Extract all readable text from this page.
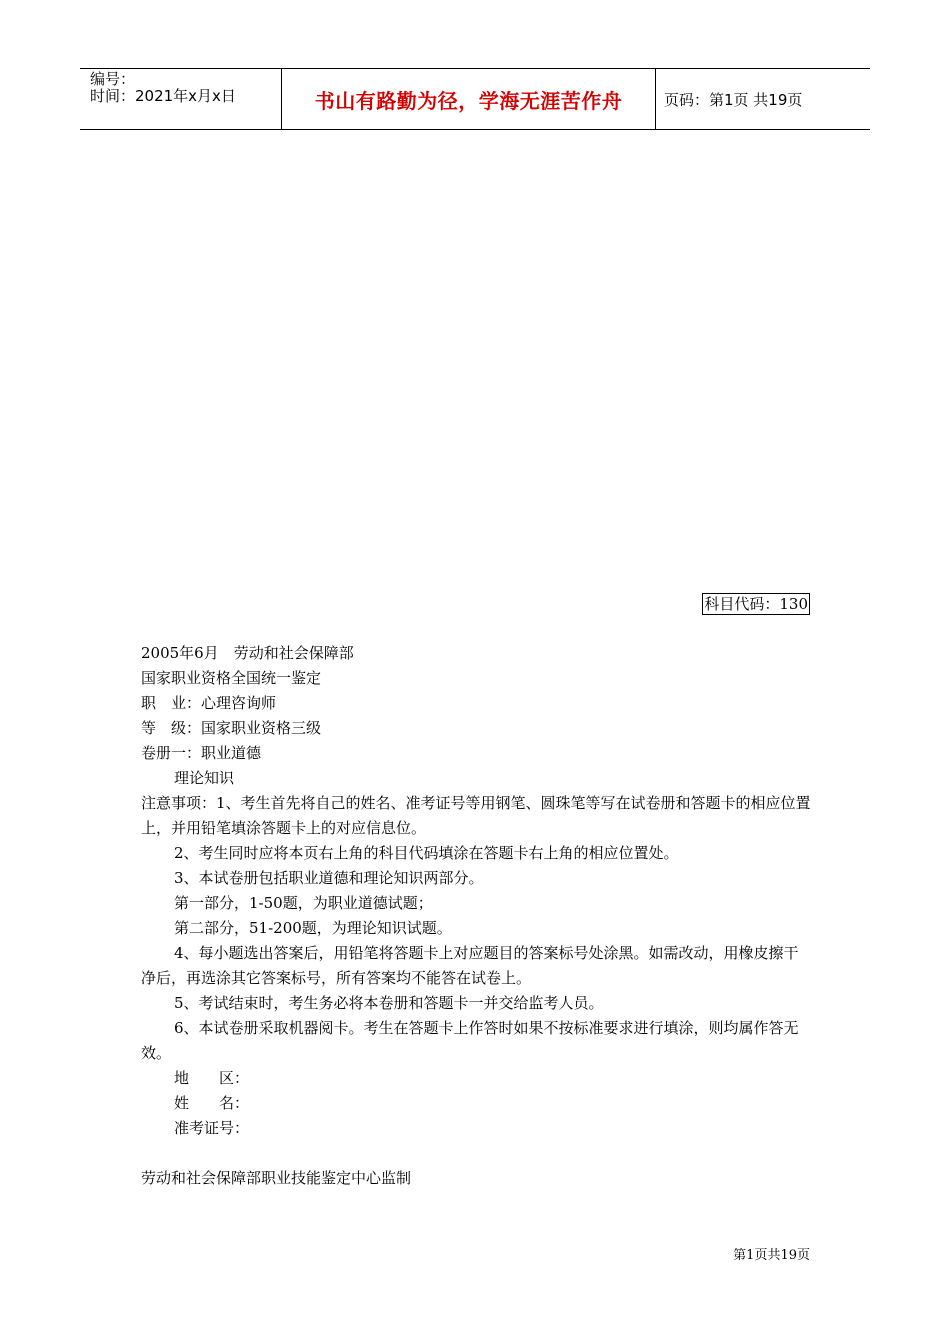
编号：
时间：2021年x月x日	书山有路勤为径，学海无涯苦作舟	页码：第1页 共19页
科目代码：130

2005年6月　劳动和社会保障部

国家职业资格全国统一鉴定

职　业：心理咨询师

等　级：国家职业资格三级

卷册一：职业道德

理论知识

注意事项：1、考生首先将自己的姓名、准考证号等用钢笔、圆珠笔等写在试卷册和答题卡的相应位置上，并用铅笔填涂答题卡上的对应信息位。

2、考生同时应将本页右上角的科目代码填涂在答题卡右上角的相应位置处。

3、本试卷册包括职业道德和理论知识两部分。

第一部分，1-50题，为职业道德试题；

第二部分，51-200题，为理论知识试题。

4、每小题选出答案后，用铅笔将答题卡上对应题目的答案标号处涂黑。如需改动，用橡皮擦干净后，再选涂其它答案标号，所有答案均不能答在试卷上。

5、考试结束时，考生务必将本卷册和答题卡一并交给监考人员。

6、本试卷册采取机器阅卡。考生在答题卡上作答时如果不按标准要求进行填涂，则均属作答无效。

地　　区：

姓　　名：

准考证号：

劳动和社会保障部职业技能鉴定中心监制

第1页共19页
